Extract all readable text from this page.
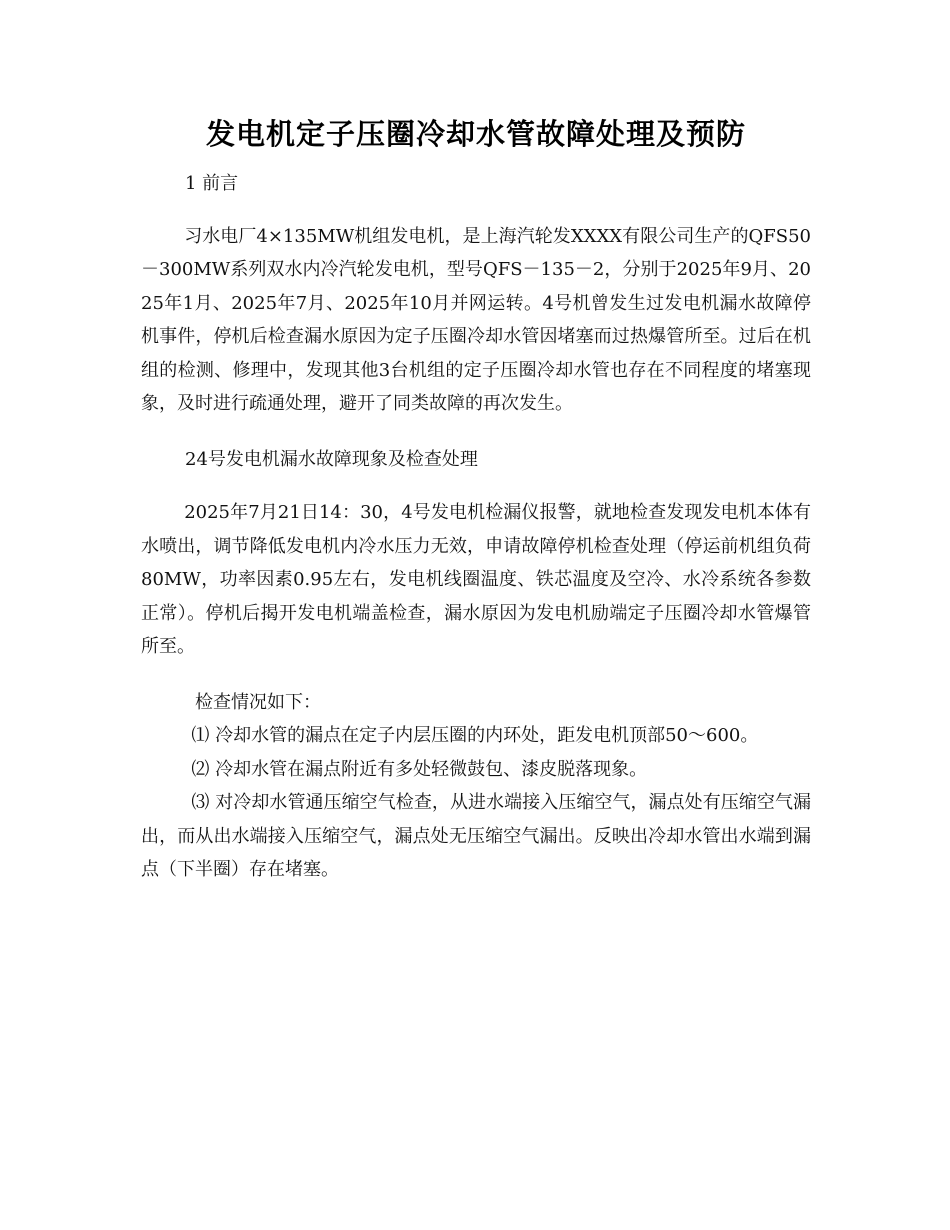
发电机定子压圈冷却水管故障处理及预防

1 前言

习水电厂4×135MW机组发电机，是上海汽轮发XXXX有限公司生产的QFS50－300MW系列双水内冷汽轮发电机，型号QFS－135－2，分别于2025年9月、2025年1月、2025年7月、2025年10月并网运转。4号机曾发生过发电机漏水故障停机事件，停机后检查漏水原因为定子压圈冷却水管因堵塞而过热爆管所至。过后在机组的检测、修理中，发现其他3台机组的定子压圈冷却水管也存在不同程度的堵塞现象，及时进行疏通处理，避开了同类故障的再次发生。

24号发电机漏水故障现象及检查处理

2025年7月21日14：30，4号发电机检漏仪报警，就地检查发现发电机本体有水喷出，调节降低发电机内冷水压力无效，申请故障停机检查处理（停运前机组负荷80MW，功率因素0.95左右，发电机线圈温度、铁芯温度及空冷、水冷系统各参数正常）。停机后揭开发电机端盖检查，漏水原因为发电机励端定子压圈冷却水管爆管所至。

检查情况如下：

⑴ 冷却水管的漏点在定子内层压圈的内环处，距发电机顶部50～600。

⑵ 冷却水管在漏点附近有多处轻微鼓包、漆皮脱落现象。

⑶ 对冷却水管通压缩空气检查，从进水端接入压缩空气，漏点处有压缩空气漏出，而从出水端接入压缩空气，漏点处无压缩空气漏出。反映出冷却水管出水端到漏点（下半圈）存在堵塞。
